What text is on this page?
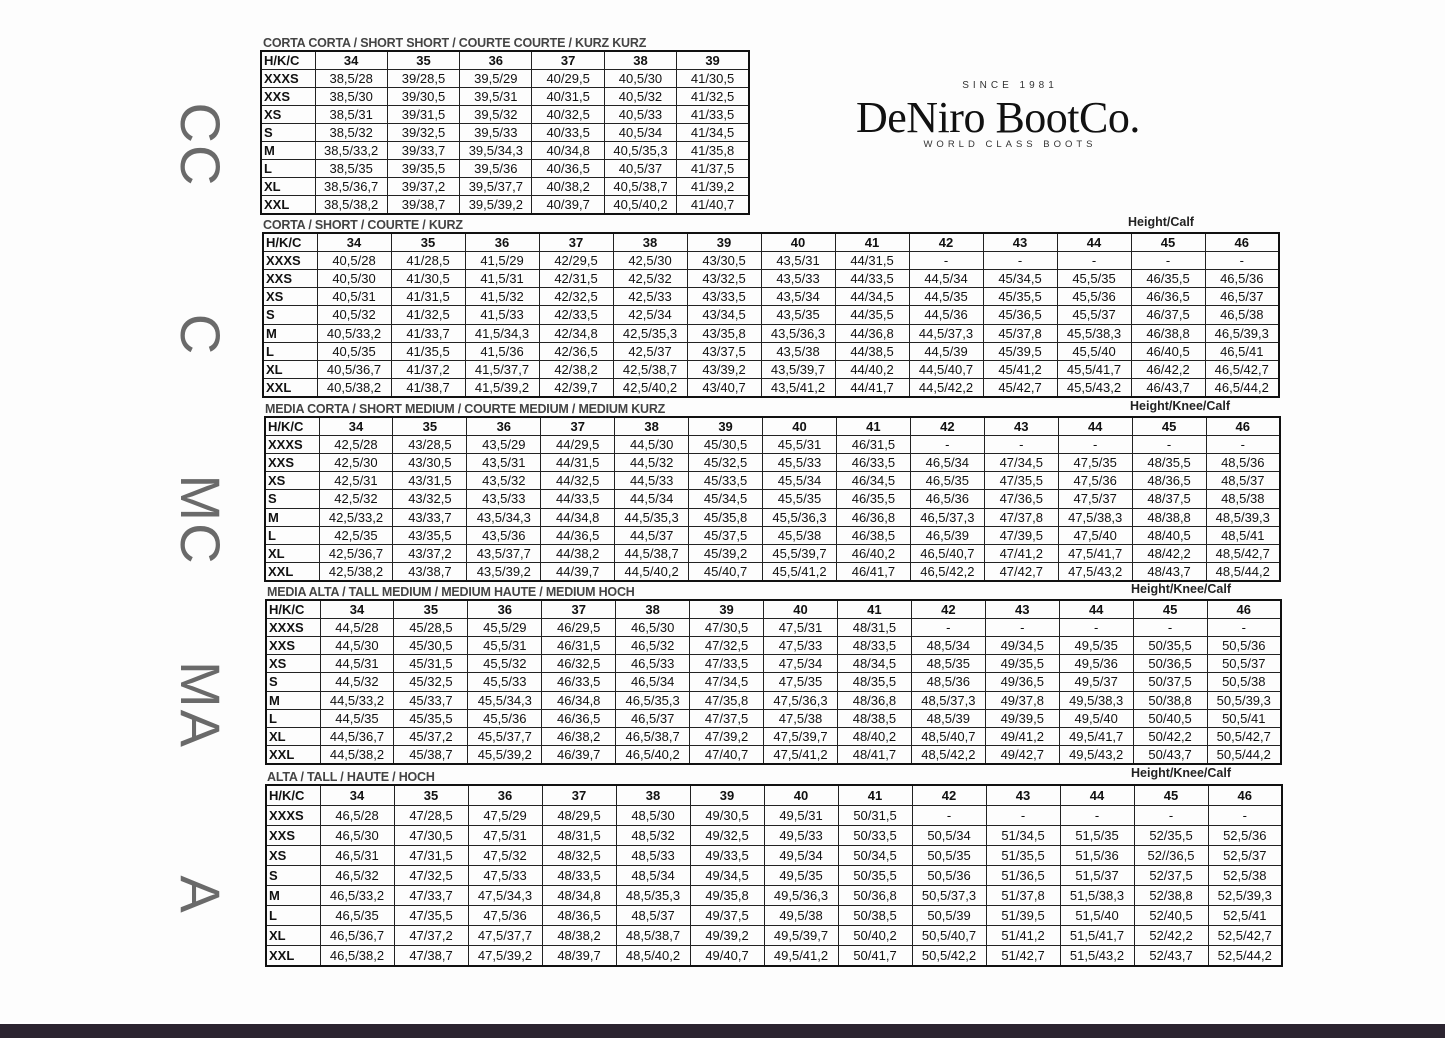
SINCE 1981
DeNiro BootCo.
WORLD CLASS BOOTS
CC
C
MC
MA
A
CORTA CORTA / SHORT SHORT / COURTE COURTE / KURZ KURZ
H/K/C	34	35	36	37	38	39
XXXS	38,5/28	39/28,5	39,5/29	40/29,5	40,5/30	41/30,5
XXS	38,5/30	39/30,5	39,5/31	40/31,5	40,5/32	41/32,5
XS	38,5/31	39/31,5	39,5/32	40/32,5	40,5/33	41/33,5
S	38,5/32	39/32,5	39,5/33	40/33,5	40,5/34	41/34,5
M	38,5/33,2	39/33,7	39,5/34,3	40/34,8	40,5/35,3	41/35,8
L	38,5/35	39/35,5	39,5/36	40/36,5	40,5/37	41/37,5
XL	38,5/36,7	39/37,2	39,5/37,7	40/38,2	40,5/38,7	41/39,2
XXL	38,5/38,2	39/38,7	39,5/39,2	40/39,7	40,5/40,2	41/40,7
CORTA / SHORT / COURTE / KURZ	Height/Calf
H/K/C	34	35	36	37	38	39	40	41	42	43	44	45	46
XXXS	40,5/28	41/28,5	41,5/29	42/29,5	42,5/30	43/30,5	43,5/31	44/31,5	-	-	-	-	-
XXS	40,5/30	41/30,5	41,5/31	42/31,5	42,5/32	43/32,5	43,5/33	44/33,5	44,5/34	45/34,5	45,5/35	46/35,5	46,5/36
XS	40,5/31	41/31,5	41,5/32	42/32,5	42,5/33	43/33,5	43,5/34	44/34,5	44,5/35	45/35,5	45,5/36	46/36,5	46,5/37
S	40,5/32	41/32,5	41,5/33	42/33,5	42,5/34	43/34,5	43,5/35	44/35,5	44,5/36	45/36,5	45,5/37	46/37,5	46,5/38
M	40,5/33,2	41/33,7	41,5/34,3	42/34,8	42,5/35,3	43/35,8	43,5/36,3	44/36,8	44,5/37,3	45/37,8	45,5/38,3	46/38,8	46,5/39,3
L	40,5/35	41/35,5	41,5/36	42/36,5	42,5/37	43/37,5	43,5/38	44/38,5	44,5/39	45/39,5	45,5/40	46/40,5	46,5/41
XL	40,5/36,7	41/37,2	41,5/37,7	42/38,2	42,5/38,7	43/39,2	43,5/39,7	44/40,2	44,5/40,7	45/41,2	45,5/41,7	46/42,2	46,5/42,7
XXL	40,5/38,2	41/38,7	41,5/39,2	42/39,7	42,5/40,2	43/40,7	43,5/41,2	44/41,7	44,5/42,2	45/42,7	45,5/43,2	46/43,7	46,5/44,2
MEDIA CORTA / SHORT MEDIUM / COURTE MEDIUM / MEDIUM KURZ	Height/Knee/Calf
H/K/C	34	35	36	37	38	39	40	41	42	43	44	45	46
XXXS	42,5/28	43/28,5	43,5/29	44/29,5	44,5/30	45/30,5	45,5/31	46/31,5	-	-	-	-	-
XXS	42,5/30	43/30,5	43,5/31	44/31,5	44,5/32	45/32,5	45,5/33	46/33,5	46,5/34	47/34,5	47,5/35	48/35,5	48,5/36
XS	42,5/31	43/31,5	43,5/32	44/32,5	44,5/33	45/33,5	45,5/34	46/34,5	46,5/35	47/35,5	47,5/36	48/36,5	48,5/37
S	42,5/32	43/32,5	43,5/33	44/33,5	44,5/34	45/34,5	45,5/35	46/35,5	46,5/36	47/36,5	47,5/37	48/37,5	48,5/38
M	42,5/33,2	43/33,7	43,5/34,3	44/34,8	44,5/35,3	45/35,8	45,5/36,3	46/36,8	46,5/37,3	47/37,8	47,5/38,3	48/38,8	48,5/39,3
L	42,5/35	43/35,5	43,5/36	44/36,5	44,5/37	45/37,5	45,5/38	46/38,5	46,5/39	47/39,5	47,5/40	48/40,5	48,5/41
XL	42,5/36,7	43/37,2	43,5/37,7	44/38,2	44,5/38,7	45/39,2	45,5/39,7	46/40,2	46,5/40,7	47/41,2	47,5/41,7	48/42,2	48,5/42,7
XXL	42,5/38,2	43/38,7	43,5/39,2	44/39,7	44,5/40,2	45/40,7	45,5/41,2	46/41,7	46,5/42,2	47/42,7	47,5/43,2	48/43,7	48,5/44,2
MEDIA ALTA / TALL MEDIUM / MEDIUM HAUTE / MEDIUM HOCH	Height/Knee/Calf
H/K/C	34	35	36	37	38	39	40	41	42	43	44	45	46
XXXS	44,5/28	45/28,5	45,5/29	46/29,5	46,5/30	47/30,5	47,5/31	48/31,5	-	-	-	-	-
XXS	44,5/30	45/30,5	45,5/31	46/31,5	46,5/32	47/32,5	47,5/33	48/33,5	48,5/34	49/34,5	49,5/35	50/35,5	50,5/36
XS	44,5/31	45/31,5	45,5/32	46/32,5	46,5/33	47/33,5	47,5/34	48/34,5	48,5/35	49/35,5	49,5/36	50/36,5	50,5/37
S	44,5/32	45/32,5	45,5/33	46/33,5	46,5/34	47/34,5	47,5/35	48/35,5	48,5/36	49/36,5	49,5/37	50/37,5	50,5/38
M	44,5/33,2	45/33,7	45,5/34,3	46/34,8	46,5/35,3	47/35,8	47,5/36,3	48/36,8	48,5/37,3	49/37,8	49,5/38,3	50/38,8	50,5/39,3
L	44,5/35	45/35,5	45,5/36	46/36,5	46,5/37	47/37,5	47,5/38	48/38,5	48,5/39	49/39,5	49,5/40	50/40,5	50,5/41
XL	44,5/36,7	45/37,2	45,5/37,7	46/38,2	46,5/38,7	47/39,2	47,5/39,7	48/40,2	48,5/40,7	49/41,2	49,5/41,7	50/42,2	50,5/42,7
XXL	44,5/38,2	45/38,7	45,5/39,2	46/39,7	46,5/40,2	47/40,7	47,5/41,2	48/41,7	48,5/42,2	49/42,7	49,5/43,2	50/43,7	50,5/44,2
ALTA / TALL / HAUTE / HOCH	Height/Knee/Calf
H/K/C	34	35	36	37	38	39	40	41	42	43	44	45	46
XXXS	46,5/28	47/28,5	47,5/29	48/29,5	48,5/30	49/30,5	49,5/31	50/31,5	-	-	-	-	-
XXS	46,5/30	47/30,5	47,5/31	48/31,5	48,5/32	49/32,5	49,5/33	50/33,5	50,5/34	51/34,5	51,5/35	52/35,5	52,5/36
XS	46,5/31	47/31,5	47,5/32	48/32,5	48,5/33	49/33,5	49,5/34	50/34,5	50,5/35	51/35,5	51,5/36	52//36,5	52,5/37
S	46,5/32	47/32,5	47,5/33	48/33,5	48,5/34	49/34,5	49,5/35	50/35,5	50,5/36	51/36,5	51,5/37	52/37,5	52,5/38
M	46,5/33,2	47/33,7	47,5/34,3	48/34,8	48,5/35,3	49/35,8	49,5/36,3	50/36,8	50,5/37,3	51/37,8	51,5/38,3	52/38,8	52,5/39,3
L	46,5/35	47/35,5	47,5/36	48/36,5	48,5/37	49/37,5	49,5/38	50/38,5	50,5/39	51/39,5	51,5/40	52/40,5	52,5/41
XL	46,5/36,7	47/37,2	47,5/37,7	48/38,2	48,5/38,7	49/39,2	49,5/39,7	50/40,2	50,5/40,7	51/41,2	51,5/41,7	52/42,2	52,5/42,7
XXL	46,5/38,2	47/38,7	47,5/39,2	48/39,7	48,5/40,2	49/40,7	49,5/41,2	50/41,7	50,5/42,2	51/42,7	51,5/43,2	52/43,7	52,5/44,2
